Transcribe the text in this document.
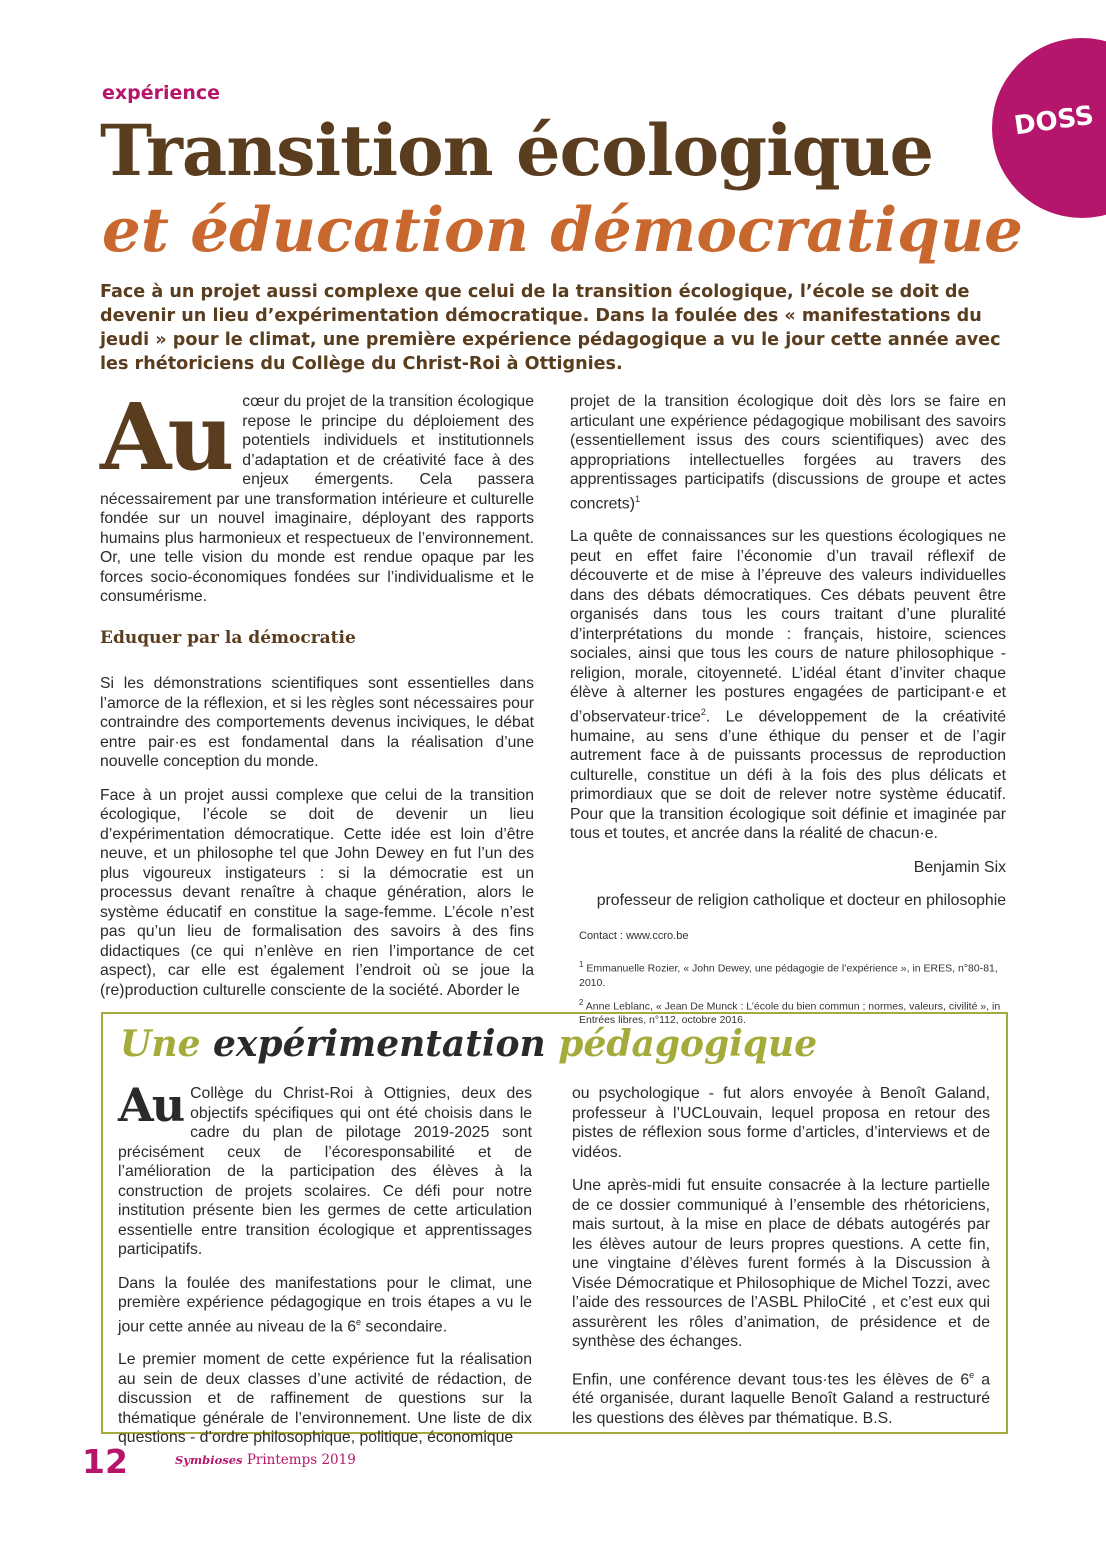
DOSS
expérience
Transition écologique
et éducation démocratique
Face à un projet aussi complexe que celui de la transition écologique, l’école se doit de devenir un lieu d’expérimentation démocratique. Dans la foulée des « manifestations du jeudi » pour le climat, une première expérience pédagogique a vu le jour cette année avec les rhétoriciens du Collège du Christ-Roi à Ottignies.

Au cœur du projet de la transition écologique repose le principe du déploiement des potentiels individuels et institutionnels d’adaptation et de créativité face à des enjeux émergents. Cela passera nécessairement par une transformation intérieure et culturelle fondée sur un nouvel imaginaire, déployant des rapports humains plus harmonieux et respectueux de l’environnement. Or, une telle vision du monde est rendue opaque par les forces socio-économiques fondées sur l’individualisme et le consumérisme.

Eduquer par la démocratie

Si les démonstrations scientifiques sont essentielles dans l’amorce de la réflexion, et si les règles sont nécessaires pour contraindre des comportements devenus inciviques, le débat entre pair·es est fondamental dans la réalisation d’une nouvelle conception du monde.

Face à un projet aussi complexe que celui de la transition écologique, l’école se doit de devenir un lieu d’expérimentation démocratique. Cette idée est loin d’être neuve, et un philosophe tel que John Dewey en fut l’un des plus vigoureux instigateurs : si la démocratie est un processus devant renaître à chaque génération, alors le système éducatif en constitue la sage-femme. L’école n’est pas qu’un lieu de formalisation des savoirs à des fins didactiques (ce qui n’enlève en rien l’importance de cet aspect), car elle est également l’endroit où se joue la (re)production culturelle consciente de la société. Aborder le

projet de la transition écologique doit dès lors se faire en articulant une expérience pédagogique mobilisant des savoirs (essentiellement issus des cours scientifiques) avec des appropriations intellectuelles forgées au travers des apprentissages participatifs (discussions de groupe et actes concrets)$^1$

La quête de connaissances sur les questions écologiques ne peut en effet faire l’économie d’un travail réflexif de découverte et de mise à l’épreuve des valeurs individuelles dans des débats démocratiques. Ces débats peuvent être organisés dans tous les cours traitant d’une pluralité d’interprétations du monde : français, histoire, sciences sociales, ainsi que tous les cours de nature philosophique - religion, morale, citoyenneté. L’idéal étant d’inviter chaque élève à alterner les postures engagées de participant·e et d’observateur·trice$^2$. Le développement de la créativité humaine, au sens d’une éthique du penser et de l’agir autrement face à de puissants processus de reproduction culturelle, constitue un défi à la fois des plus délicats et primordiaux que se doit de relever notre système éducatif. Pour que la transition écologique soit définie et imaginée par tous et toutes, et ancrée dans la réalité de chacun·e.

Benjamin Six

professeur de religion catholique et docteur en philosophie

Contact : www.ccro.be
$^1$ Emmanuelle Rozier, « John Dewey, une pédagogie de l’expérience », in ERES, n°80-81, 2010.
$^2$ Anne Leblanc, « Jean De Munck : L’école du bien commun ; normes, valeurs, civilité », in Entrées libres, n°112, octobre 2016.
Une expérimentation pédagogique

Au Collège du Christ-Roi à Ottignies, deux des objectifs spécifiques qui ont été choisis dans le cadre du plan de pilotage 2019-2025 sont précisément ceux de l’écoresponsabilité et de l’amélioration de la participation des élèves à la construction de projets scolaires. Ce défi pour notre institution présente bien les germes de cette articulation essentielle entre transition écologique et apprentissages participatifs.

Dans la foulée des manifestations pour le climat, une première expérience pédagogique en trois étapes a vu le jour cette année au niveau de la 6e secondaire.

Le premier moment de cette expérience fut la réalisation au sein de deux classes d’une activité de rédaction, de discussion et de raffinement de questions sur la thématique générale de l’environnement. Une liste de dix questions - d’ordre philosophique, politique, économique

ou psychologique - fut alors envoyée à Benoît Galand, professeur à l’UCLouvain, lequel proposa en retour des pistes de réflexion sous forme d’articles, d’interviews et de vidéos.

Une après-midi fut ensuite consacrée à la lecture partielle de ce dossier communiqué à l’ensemble des rhétoriciens, mais surtout, à la mise en place de débats autogérés par les élèves autour de leurs propres questions. A cette fin, une vingtaine d’élèves furent formés à la Discussion à Visée Démocratique et Philosophique de Michel Tozzi, avec l’aide des ressources de l’ASBL PhiloCité , et c’est eux qui assurèrent les rôles d’animation, de présidence et de synthèse des échanges.

Enfin, une conférence devant tous·tes les élèves de 6e a été organisée, durant laquelle Benoît Galand a restructuré les questions des élèves par thématique. B.S.

12	Symbioses Printemps 2019
